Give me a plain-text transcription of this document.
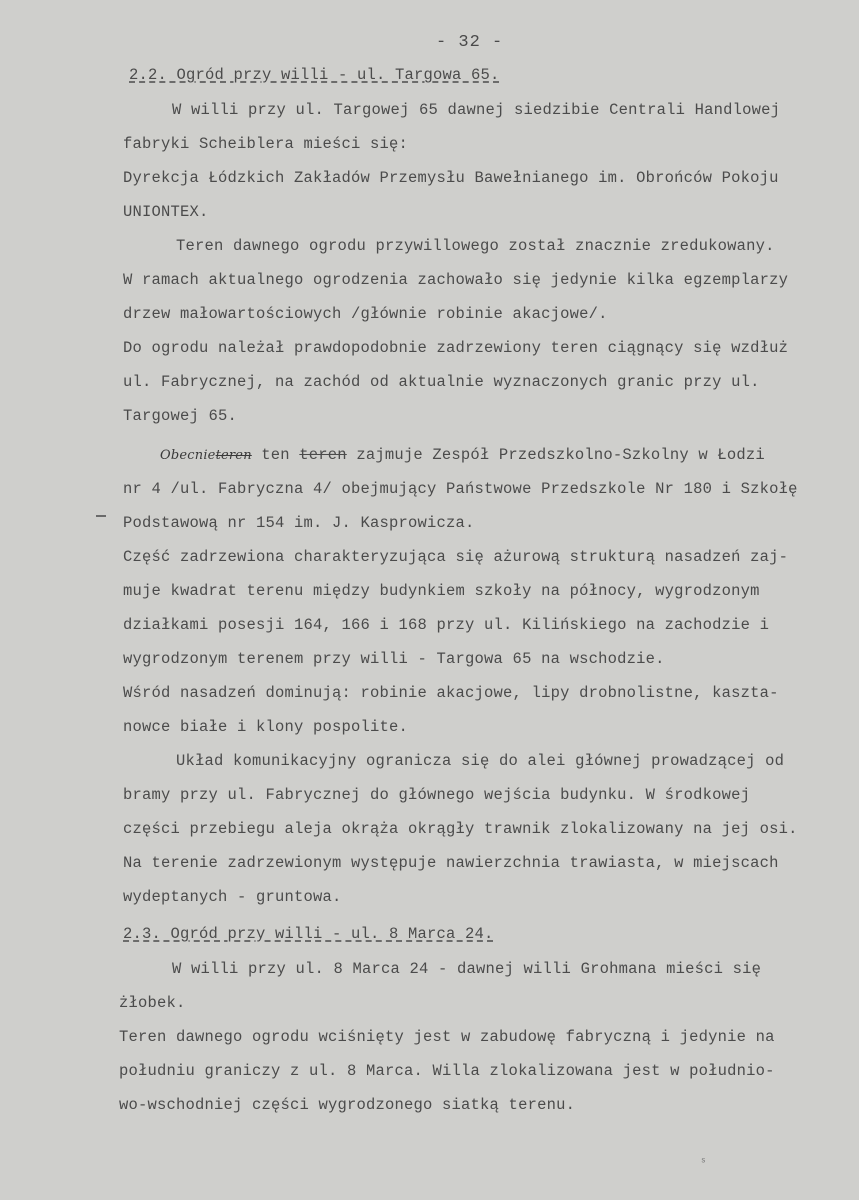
- 32 -
2.2. Ogród przy willi - ul. Targowa 65.
W willi przy ul. Targowej 65 dawnej siedzibie Centrali Handlowej
fabryki Scheiblera mieści się:
Dyrekcja Łódzkich Zakładów Przemysłu Bawełnianego im. Obrońców Pokoju
UNIONTEX.
Teren dawnego ogrodu przywillowego został znacznie zredukowany.
W ramach aktualnego ogrodzenia zachowało się jedynie kilka egzemplarzy
drzew małowartościowych /głównie robinie akacjowe/.
Do ogrodu należał prawdopodobnie zadrzewiony teren ciągnący się wzdłuż
ul. Fabrycznej, na zachód od aktualnie wyznaczonych granic przy ul.
Targowej 65.
Obecnieteren ten teren zajmuje Zespół Przedszkolno-Szkolny w Łodzi
nr 4 /ul. Fabryczna 4/ obejmujący Państwowe Przedszkole Nr 180 i Szkołę
Podstawową nr 154 im. J. Kasprowicza.
Część zadrzewiona charakteryzująca się ażurową strukturą nasadzeń zaj-
muje kwadrat terenu między budynkiem szkoły na północy, wygrodzonym
działkami posesji 164, 166 i 168 przy ul. Kilińskiego na zachodzie i
wygrodzonym terenem przy willi - Targowa 65 na wschodzie.
Wśród nasadzeń dominują: robinie akacjowe, lipy drobnolistne, kaszta-
nowce białe i klony pospolite.
Układ komunikacyjny ogranicza się do alei głównej prowadzącej od
bramy przy ul. Fabrycznej do głównego wejścia budynku. W środkowej
części przebiegu aleja okrąża okrągły trawnik zlokalizowany na jej osi.
Na terenie zadrzewionym występuje nawierzchnia trawiasta, w miejscach
wydeptanych - gruntowa.
2.3. Ogród przy willi - ul. 8 Marca 24.
W willi przy ul. 8 Marca 24 - dawnej willi Grohmana mieści się
żłobek.
Teren dawnego ogrodu wciśnięty jest w zabudowę fabryczną i jedynie na
południu graniczy z ul. 8 Marca. Willa zlokalizowana jest w południo-
wo-wschodniej części wygrodzonego siatką terenu.
ˢ
